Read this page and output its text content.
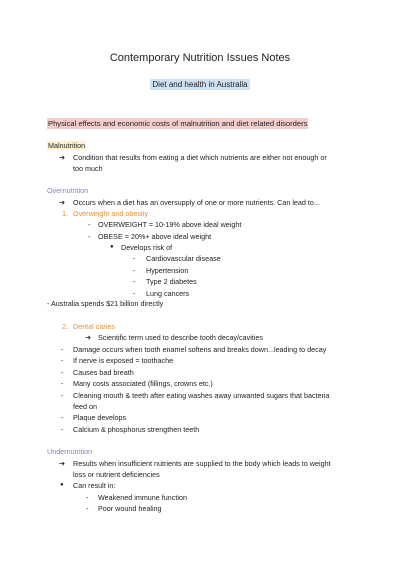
Contemporary Nutrition Issues Notes
Diet and health in Australia
Physical effects and economic costs of malnutrition and diet related disorders
Malnutrition
➔ Condition that results from eating a diet which nutrients are either not enough or
too much
Overnutrition
➔ Occurs when a diet has an oversupply of one or more nutrients. Can lead to...
1. Overweight and obesity
- OVERWEIGHT = 10-19% above ideal weight
- OBESE = 20%+ above ideal weight
● Develops risk of
- Cardiovascular disease
- Hypertension
- Type 2 diabetes
- Lung cancers
- Australia spends $21 billion directly
2. Dental caries
➔ Scientific term used to describe tooth decay/cavities
- Damage occurs when tooth enamel softens and breaks down...leading to decay
- If nerve is exposed = toothache
- Causes bad breath
- Many costs associated (fillings, crowns etc.)
- Cleaning mouth & teeth after eating washes away unwanted sugars that bacteria
feed on
- Plaque develops
- Calcium & phosphorus strengthen teeth
Undernutrition
➔ Results when insufficient nutrients are supplied to the body which leads to weight
loss or nutrient deficiencies
● Can result in:
- Weakened immune function
- Poor wound healing
